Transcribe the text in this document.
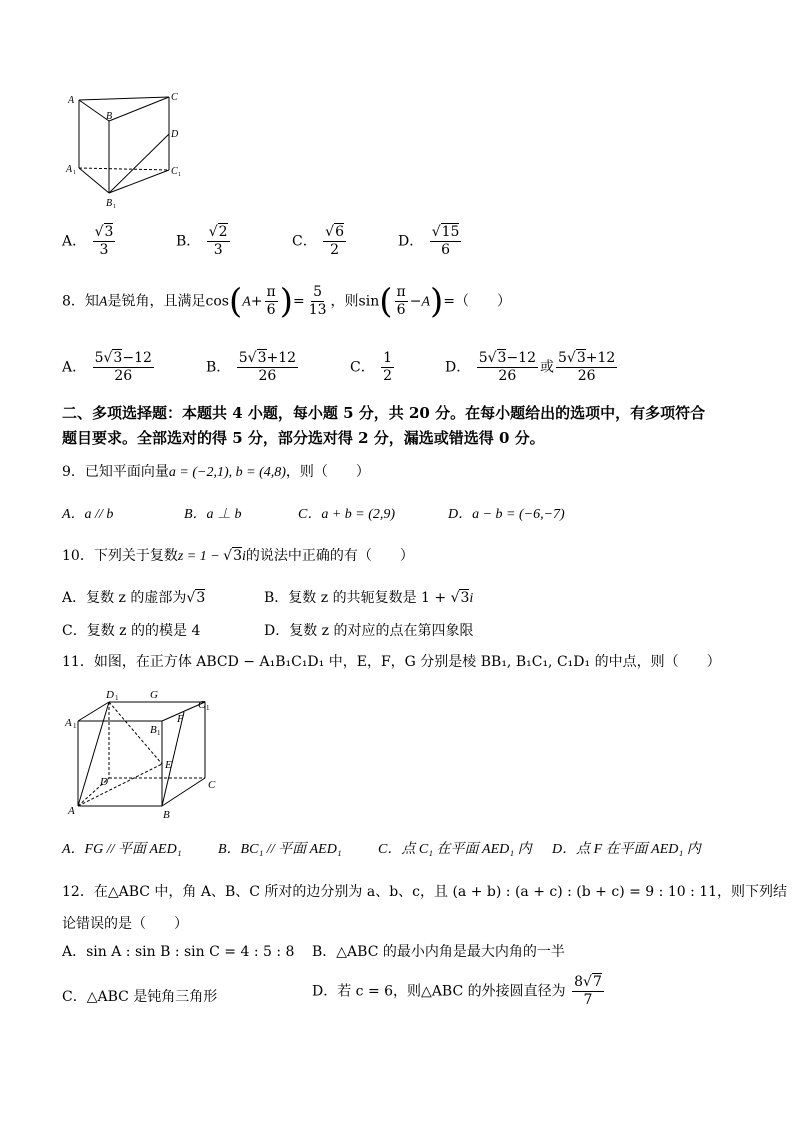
A
B
C
D
A	C
B
1	1
1
A． $\frac{√3}{3}$	B． $\frac{√2}{3}$	C． $\frac{√6}{2}$	D． $\frac{√15}{6}$
8．知A是锐角，且满足$\cos(A+ \frac{\pi}{6}$ )= $\frac{5}{13}$ ，则$\sin( \frac{\pi}{6} -A)=$（　　）
A． $\frac{5√3-12}{26}$	B． $\frac{5√3+12}{26}$	C． $\frac{1}{2}$	D． $\frac{5√3-12}{26}$ 或 $\frac{5√3+12}{26}$
二、多项选择题：本题共 4 小题，每小题 5 分，共 20 分。在每小题给出的选项中，有多项符合
题目要求。全部选对的得 5 分，部分选对得 2 分，漏选或错选得 0 分。
9．已知平面向量a = (−2,1), b = (4,8)，则（　　）
A．a // b	B．a ⊥ b	C．a + b = (2,9)	D．a − b = (−6,−7)
10．下列关于复数z = 1 − √3i的说法中正确的有（　　）
A．复数 z 的虚部为√3	B．复数 z 的共轭复数是 1 + √3i
C．复数 z 的的模是 4	D．复数 z 的对应的点在第四象限
11．如图，在正方体 ABCD − A₁B₁C₁D₁ 中，E，F，G 分别是棱 BB₁, B₁C₁, C₁D₁ 的中点，则（　　）
D	G
C
A	F
B
E
D	C
A	B
1
1
1
1
A．FG // 平面 AED₁	B．BC₁ // 平面 AED₁	C．点 C₁ 在平面 AED₁ 内 D．点 F 在平面 AED₁ 内
12．在△ABC 中，角 A、B、C 所对的边分别为 a、b、c，且 (a + b) : (a + c) : (b + c) = 9 : 10 : 11，则下列结
论错误的是（　　）
A．sin A : sin B : sin C = 4 : 5 : 8 B．△ABC 的最小内角是最大内角的一半
C．△ABC 是钝角三角形	D．若 c = 6，则△ABC 的外接圆直径为 $\frac{8√7}{7}$
